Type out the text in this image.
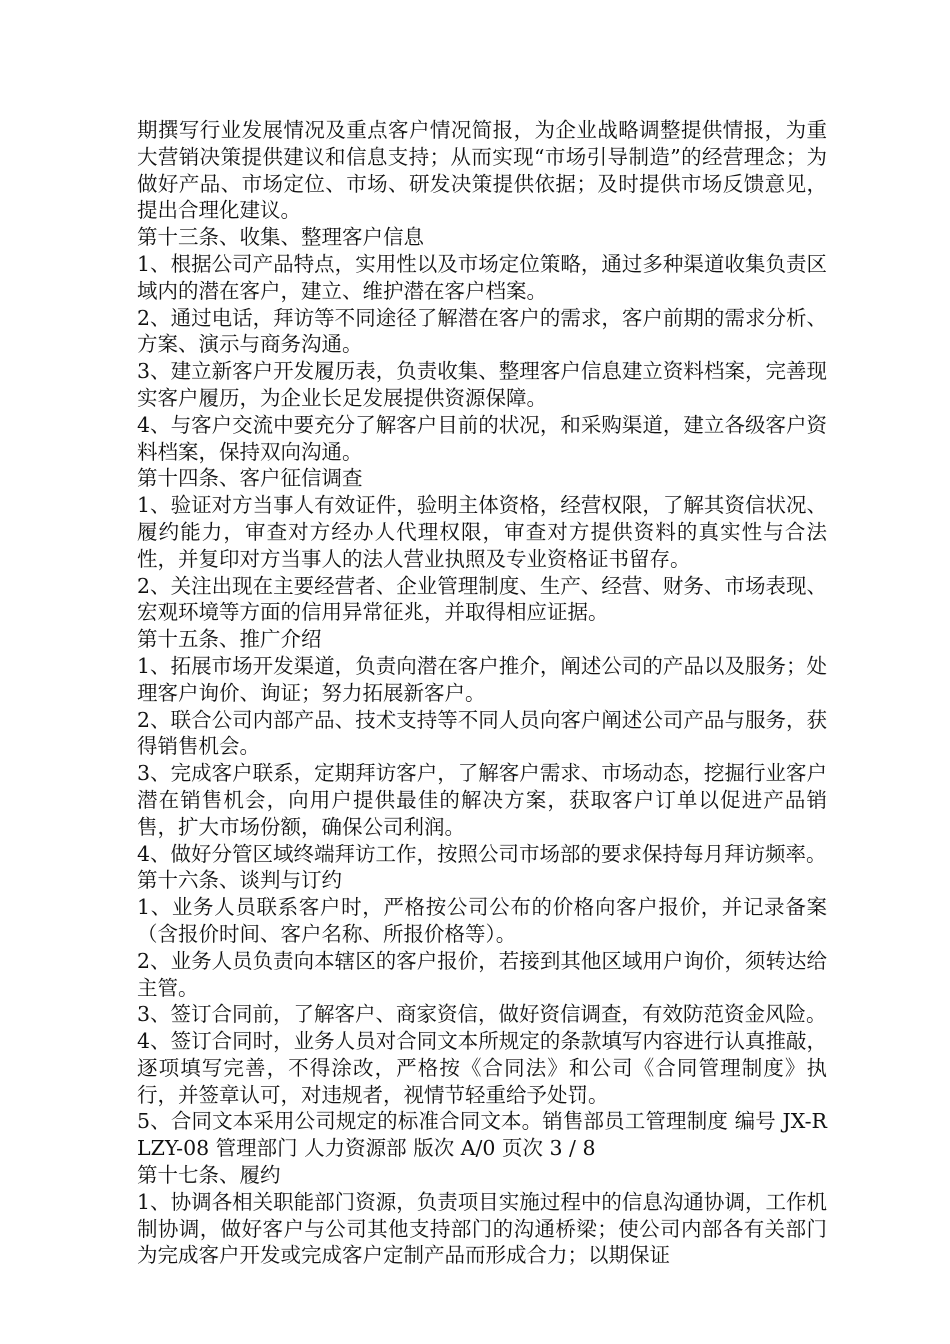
期撰写行业发展情况及重点客户情况简报，为企业战略调整提供情报，为重大营销决策提供建议和信息支持；从而实现“市场引导制造”的经营理念；为做好产品、市场定位、市场、研发决策提供依据；及时提供市场反馈意见，提出合理化建议。

第十三条、收集、整理客户信息

1、根据公司产品特点，实用性以及市场定位策略，通过多种渠道收集负责区域内的潜在客户，建立、维护潜在客户档案。

2、通过电话，拜访等不同途径了解潜在客户的需求，客户前期的需求分析、方案、演示与商务沟通。

3、建立新客户开发履历表，负责收集、整理客户信息建立资料档案，完善现实客户履历，为企业长足发展提供资源保障。

4、与客户交流中要充分了解客户目前的状况，和采购渠道，建立各级客户资料档案，保持双向沟通。

第十四条、客户征信调查

1、验证对方当事人有效证件，验明主体资格，经营权限，了解其资信状况、履约能力，审查对方经办人代理权限，审查对方提供资料的真实性与合法性，并复印对方当事人的法人营业执照及专业资格证书留存。

2、关注出现在主要经营者、企业管理制度、生产、经营、财务、市场表现、宏观环境等方面的信用异常征兆，并取得相应证据。

第十五条、推广介绍

1、拓展市场开发渠道，负责向潜在客户推介，阐述公司的产品以及服务；处理客户询价、询证；努力拓展新客户。

2、联合公司内部产品、技术支持等不同人员向客户阐述公司产品与服务，获得销售机会。

3、完成客户联系，定期拜访客户，了解客户需求、市场动态，挖掘行业客户潜在销售机会，向用户提供最佳的解决方案，获取客户订单以促进产品销售，扩大市场份额，确保公司利润。

4、做好分管区域终端拜访工作，按照公司市场部的要求保持每月拜访频率。

第十六条、谈判与订约

1、业务人员联系客户时，严格按公司公布的价格向客户报价，并记录备案（含报价时间、客户名称、所报价格等）。

2、业务人员负责向本辖区的客户报价，若接到其他区域用户询价，须转达给主管。

3、签订合同前，了解客户、商家资信，做好资信调查，有效防范资金风险。

4、签订合同时，业务人员对合同文本所规定的条款填写内容进行认真推敲，逐项填写完善，不得涂改，严格按《合同法》和公司《合同管理制度》执行，并签章认可，对违规者，视情节轻重给予处罚。

5、合同文本采用公司规定的标准合同文本。销售部员工管理制度 编号 JX-RLZY-08 管理部门 人力资源部 版次 A/0 页次 3 / 8

第十七条、履约

1、协调各相关职能部门资源，负责项目实施过程中的信息沟通协调，工作机制协调，做好客户与公司其他支持部门的沟通桥梁；使公司内部各有关部门为完成客户开发或完成客户定制产品而形成合力；以期保证
